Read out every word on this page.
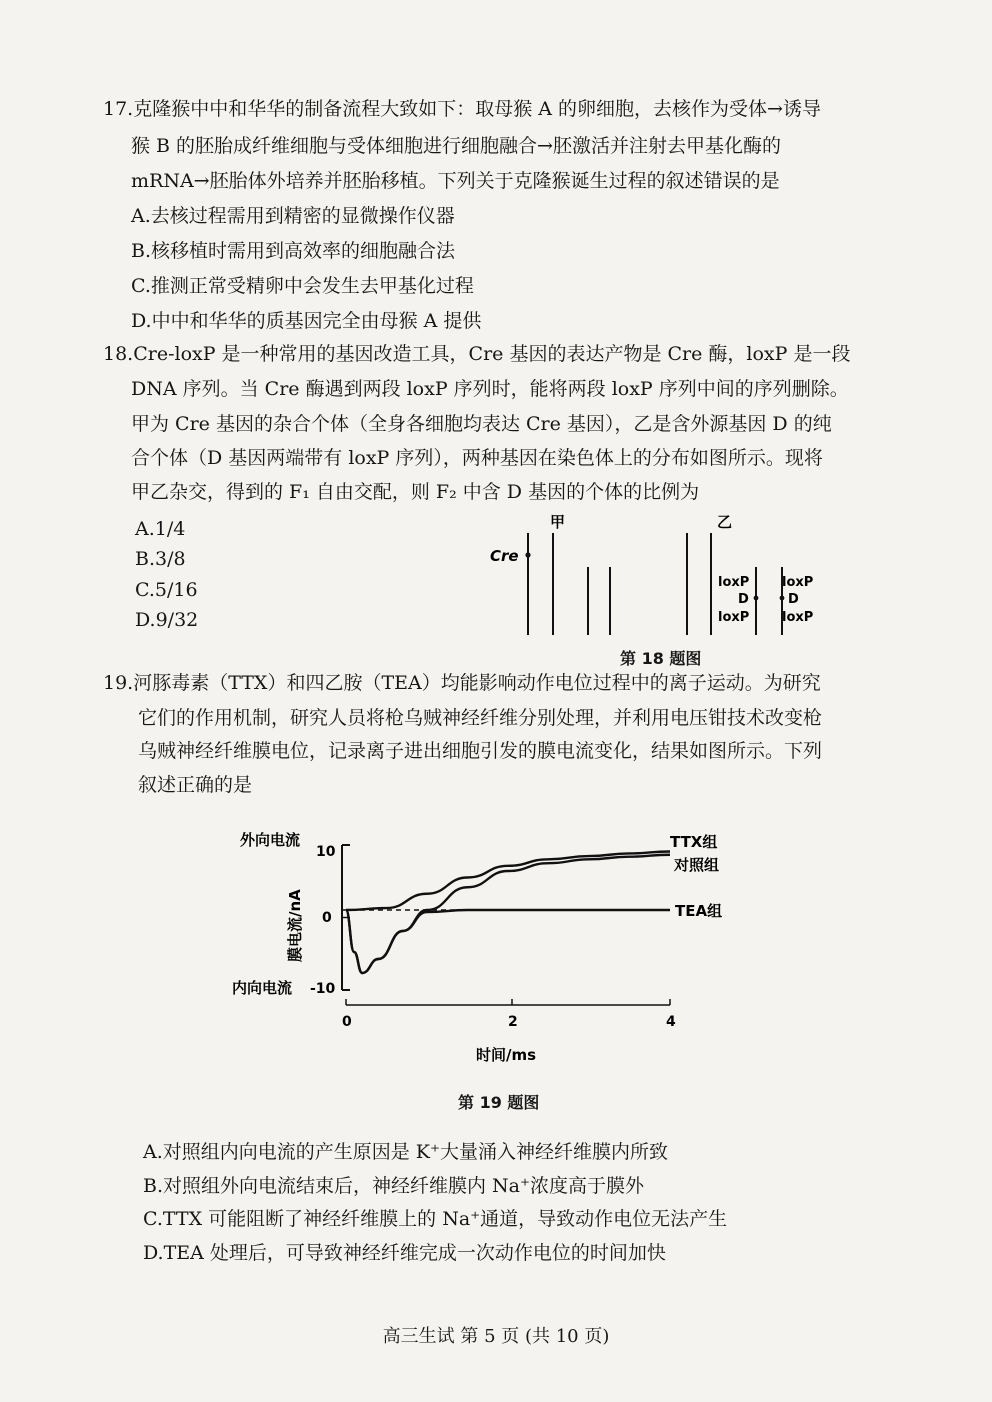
17.克隆猴中中和华华的制备流程大致如下：取母猴 A 的卵细胞，去核作为受体→诱导
猴 B 的胚胎成纤维细胞与受体细胞进行细胞融合→胚激活并注射去甲基化酶的
mRNA→胚胎体外培养并胚胎移植。下列关于克隆猴诞生过程的叙述错误的是
A.去核过程需用到精密的显微操作仪器
B.核移植时需用到高效率的细胞融合法
C.推测正常受精卵中会发生去甲基化过程
D.中中和华华的质基因完全由母猴 A 提供
18.Cre-loxP 是一种常用的基因改造工具，Cre 基因的表达产物是 Cre 酶，loxP 是一段
DNA 序列。当 Cre 酶遇到两段 loxP 序列时，能将两段 loxP 序列中间的序列删除。
甲为 Cre 基因的杂合个体（全身各细胞均表达 Cre 基因），乙是含外源基因 D 的纯
合个体（D 基因两端带有 loxP 序列），两种基因在染色体上的分布如图所示。现将
甲乙杂交，得到的 F₁ 自由交配，则 F₂ 中含 D 基因的个体的比例为
A.1/4
B.3/8
C.5/16
D.9/32
甲	乙
Cre
loxP
D
loxP
loxP
D
loxP
第 18 题图
19.河豚毒素（TTX）和四乙胺（TEA）均能影响动作电位过程中的离子运动。为研究
它们的作用机制，研究人员将枪乌贼神经纤维分别处理，并利用电压钳技术改变枪
乌贼神经纤维膜电位，记录离子进出细胞引发的膜电流变化，结果如图所示。下列
叙述正确的是
外向电流
内向电流
10
0
-10
膜电流/nA
0	2	4
时间/ms
TTX组
对照组
TEA组
第 19 题图
A.对照组内向电流的产生原因是 K⁺大量涌入神经纤维膜内所致
B.对照组外向电流结束后，神经纤维膜内 Na⁺浓度高于膜外
C.TTX 可能阻断了神经纤维膜上的 Na⁺通道，导致动作电位无法产生
D.TEA 处理后，可导致神经纤维完成一次动作电位的时间加快
高三生试 第 5 页 (共 10 页)
